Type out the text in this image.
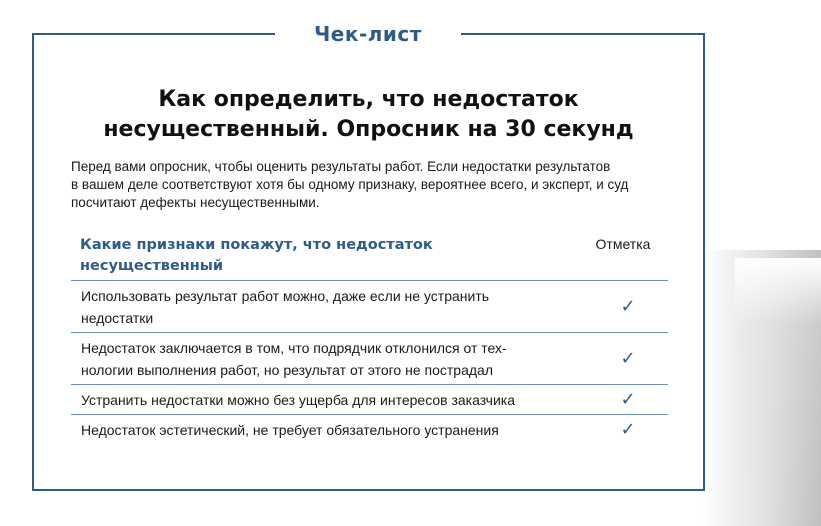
Чек-лист
Как определить, что недостаток
несущественный. Опросник на 30 секунд
Перед вами опросник, чтобы оценить результаты работ. Если недостатки результатов
в вашем деле соответствуют хотя бы одному признаку, вероятнее всего, и эксперт, и суд
посчитают дефекты несущественными.
Какие признаки покажут, что недостаток
несущественный
Отметка
Использовать результат работ можно, даже если не устранить
недостатки
✓
Недостаток заключается в том, что подрядчик отклонился от тех-
нологии выполнения работ, но результат от этого не пострадал
✓
Устранить недостатки можно без ущерба для интересов заказчика	✓
Недостаток эстетический, не требует обязательного устранения	✓
